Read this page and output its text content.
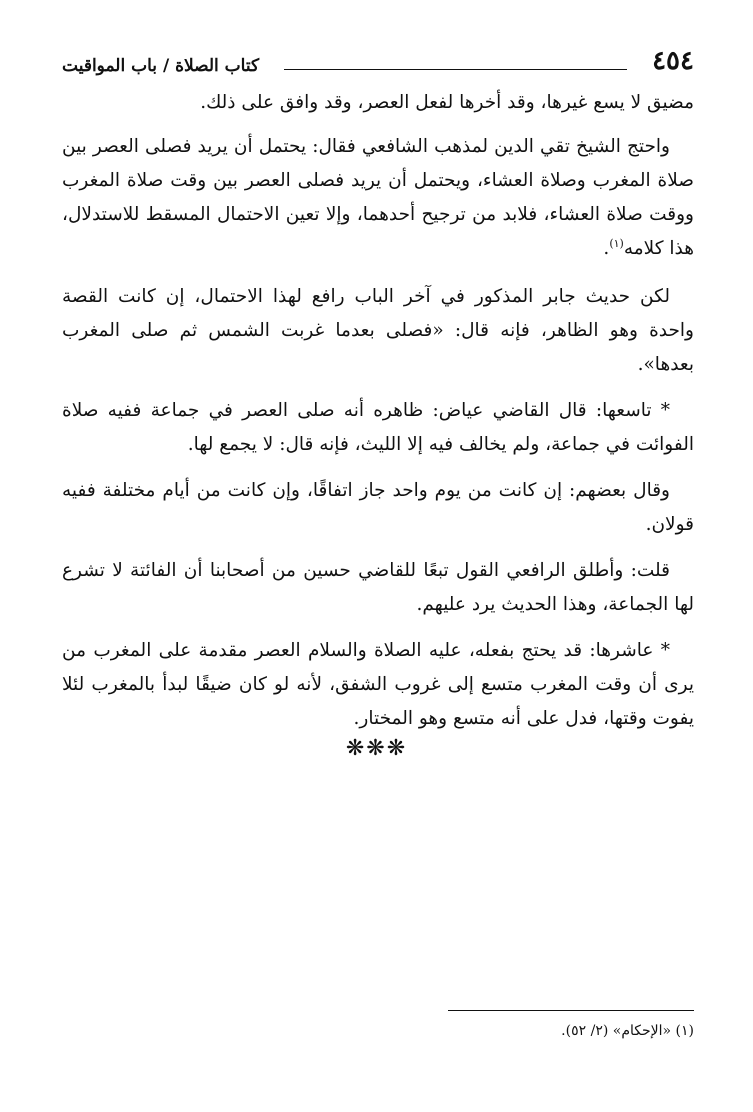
٤٥٤
كتاب الصلاة / باب المواقيت

مضيق لا يسع غيرها، وقد أخرها لفعل العصر، وقد وافق على ذلك.

واحتج الشيخ تقي الدين لمذهب الشافعي فقال: يحتمل أن يريد فصلى العصر بين صلاة المغرب وصلاة العشاء، ويحتمل أن يريد فصلى العصر بين وقت صلاة المغرب ووقت صلاة العشاء، فلابد من ترجيح أحدهما، وإلا تعين الاحتمال المسقط للاستدلال، هذا كلامه$^{(١)}$.

لكن حديث جابر المذكور في آخر الباب رافع لهذا الاحتمال، إن كانت القصة واحدة وهو الظاهر، فإنه قال: «فصلى بعدما غربت الشمس ثم صلى المغرب بعدها».

* تاسعها: قال القاضي عياض: ظاهره أنه صلى العصر في جماعة ففيه صلاة الفوائت في جماعة، ولم يخالف فيه إلا الليث، فإنه قال: لا يجمع لها.

وقال بعضهم: إن كانت من يوم واحد جاز اتفاقًا، وإن كانت من أيام مختلفة ففيه قولان.

قلت: وأطلق الرافعي القول تبعًا للقاضي حسين من أصحابنا أن الفائتة لا تشرع لها الجماعة، وهذا الحديث يرد عليهم.

* عاشرها: قد يحتج بفعله، عليه الصلاة والسلام العصر مقدمة على المغرب من يرى أن وقت المغرب متسع إلى غروب الشفق، لأنه لو كان ضيقًا لبدأ بالمغرب لئلا يفوت وقتها، فدل على أنه متسع وهو المختار.

❋❋❋
(١) «الإحكام» (٢/ ٥٢).
